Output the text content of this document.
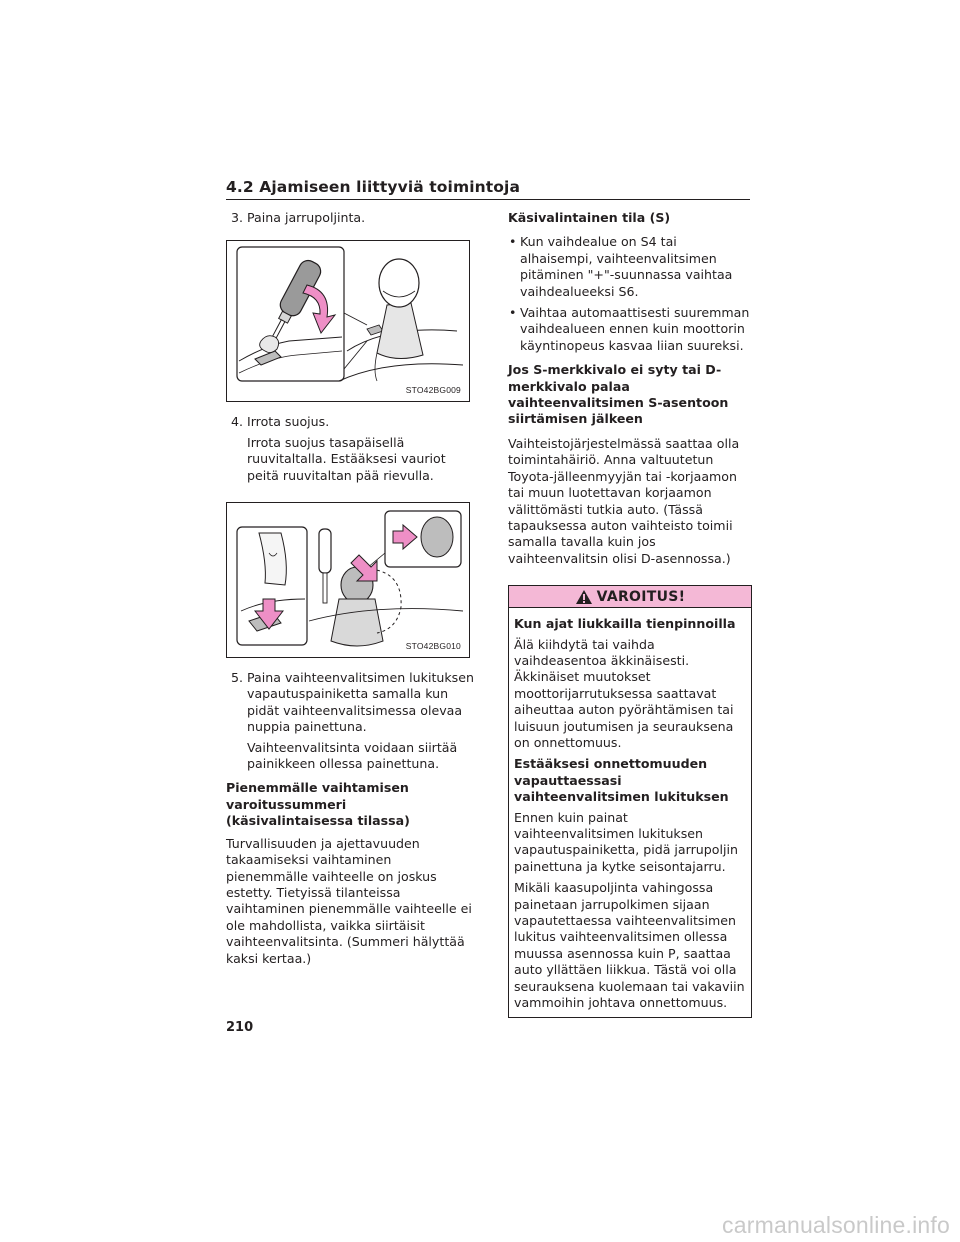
4.2 Ajamiseen liittyviä toimintoja

3. Paina jarrupoljinta.

STO42BG009

4. Irrota suojus.

Irrota suojus tasapäisellä ruuvitaltalla. Estääksesi vauriot peitä ruuvitaltan pää rievulla.

STO42BG010

5. Paina vaihteenvalitsimen lukituksen vapautuspainiketta samalla kun pidät vaihteenvalitsimessa olevaa nuppia painettuna.

Vaihteenvalitsinta voidaan siirtää painikkeen ollessa painettuna.

Pienemmälle vaihtamisen varoitussummeri (käsivalintaisessa tilassa)

Turvallisuuden ja ajettavuuden takaamiseksi vaihtaminen pienemmälle vaihteelle on joskus estetty. Tietyissä tilanteissa vaihtaminen pienemmälle vaihteelle ei ole mahdollista, vaikka siirtäisit vaihteenvalitsinta. (Summeri hälyttää kaksi kertaa.)

Käsivalintainen tila (S)

• Kun vaihdealue on S4 tai alhaisempi, vaihteenvalitsimen pitäminen "+"-suunnassa vaihtaa vaihdealueeksi S6.

• Vaihtaa automaattisesti suuremman vaihdealueen ennen kuin moottorin käyntinopeus kasvaa liian suureksi.

Jos S-merkkivalo ei syty tai D-merkkivalo palaa vaihteenvalitsimen S-asentoon siirtämisen jälkeen

Vaihteistojärjestelmässä saattaa olla toimintahäiriö. Anna valtuutetun Toyota-jälleenmyyjän tai -korjaamon tai muun luotettavan korjaamon välittömästi tutkia auto. (Tässä tapauksessa auton vaihteisto toimii samalla tavalla kuin jos vaihteenvalitsin olisi D-asennossa.)

VAROITUS!

Kun ajat liukkailla tienpinnoilla

Älä kiihdytä tai vaihda vaihdeasentoa äkkinäisesti. Äkkinäiset muutokset moottorijarrutuksessa saattavat aiheuttaa auton pyörähtämisen tai luisuun joutumisen ja seurauksena on onnettomuus.

Estääksesi onnettomuuden vapauttaessasi vaihteenvalitsimen lukituksen

Ennen kuin painat vaihteenvalitsimen lukituksen vapautuspainiketta, pidä jarrupoljin painettuna ja kytke seisontajarru.

Mikäli kaasupoljinta vahingossa painetaan jarrupolkimen sijaan vapautettaessa vaihteenvalitsimen lukitus vaihteenvalitsimen ollessa muussa asennossa kuin P, saattaa auto yllättäen liikkua. Tästä voi olla seurauksena kuolemaan tai vakaviin vammoihin johtava onnettomuus.

210
carmanualsonline.info
